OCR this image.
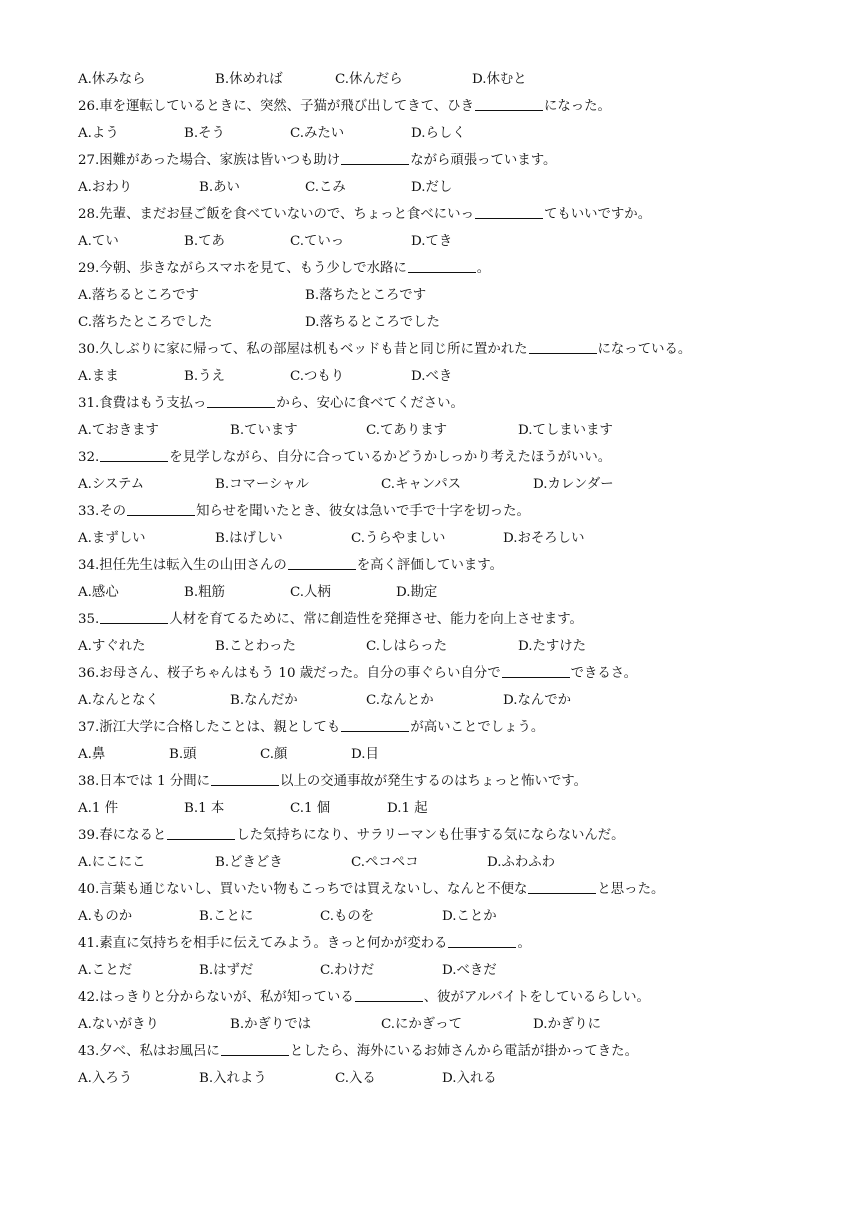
A.休みなら	B.休めれば	C.休んだら	D.休むと
26.車を運転しているときに、突然、子猫が飛び出してきて、ひき	になった。
A.よう	B.そう	C.みたい	D.らしく
27.困難があった場合、家族は皆いつも助け	ながら頑張っています。
A.おわり	B.あい	C.こみ	D.だし
28.先輩、まだお昼ご飯を食べていないので、ちょっと食べにいっ	てもいいですか。
A.てい	B.てあ	C.ていっ	D.てき
29.今朝、歩きながらスマホを見て、もう少しで水路に	。
A.落ちるところです	B.落ちたところです
C.落ちたところでした	D.落ちるところでした
30.久しぶりに家に帰って、私の部屋は机もベッドも昔と同じ所に置かれた	になっている。
A.まま	B.うえ	C.つもり	D.べき
31.食費はもう支払っ	から、安心に食べてください。
A.ておきます	B.ています	C.てあります	D.てしまいます
32.	を見学しながら、自分に合っているかどうかしっかり考えたほうがいい。
A.システム	B.コマーシャル	C.キャンパス	D.カレンダー
33.その	知らせを聞いたとき、彼女は急いで手で十字を切った。
A.まずしい	B.はげしい	C.うらやましい	D.おそろしい
34.担任先生は転入生の山田さんの	を高く評価しています。
A.感心	B.粗筋	C.人柄	D.勘定
35.	人材を育てるために、常に創造性を発揮させ、能力を向上させます。
A.すぐれた	B.ことわった	C.しはらった	D.たすけた
36.お母さん、桜子ちゃんはもう 10 歳だった。自分の事ぐらい自分で	できるさ。
A.なんとなく	B.なんだか	C.なんとか	D.なんでか
37.浙江大学に合格したことは、親としても	が高いことでしょう。
A.鼻	B.頭	C.顔	D.目
38.日本では 1 分間に	以上の交通事故が発生するのはちょっと怖いです。
A.1 件	B.1 本	C.1 個	D.1 起
39.春になると	した気持ちになり、サラリーマンも仕事する気にならないんだ。
A.にこにこ	B.どきどき	C.ペコペコ	D.ふわふわ
40.言葉も通じないし、買いたい物もこっちでは買えないし、なんと不便な	と思った。
A.ものか	B.ことに	C.ものを	D.ことか
41.素直に気持ちを相手に伝えてみよう。きっと何かが変わる	。
A.ことだ	B.はずだ	C.わけだ	D.べきだ
42.はっきりと分からないが、私が知っている	、彼がアルバイトをしているらしい。
A.ないがきり	B.かぎりでは	C.にかぎって	D.かぎりに
43.夕べ、私はお風呂に	としたら、海外にいるお姉さんから電話が掛かってきた。
A.入ろう	B.入れよう	C.入る	D.入れる
